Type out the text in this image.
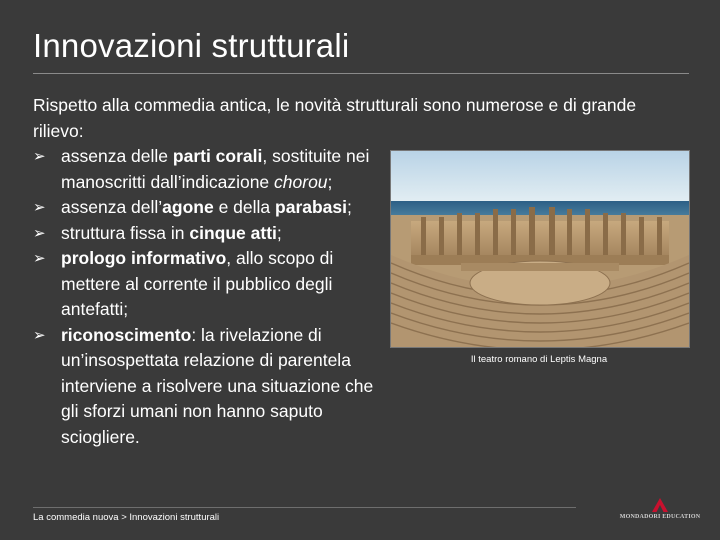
Innovazioni strutturali

Rispetto alla commedia antica, le novità strutturali sono numerose e di grande rilievo:

➢ assenza delle parti corali, sostituite nei manoscritti dall’indicazione chorou;
➢ assenza dell’agone e della parabasi;
➢ struttura fissa in cinque atti;
➢ prologo informativo, allo scopo di mettere al corrente il pubblico degli antefatti;
➢ riconoscimento: la rivelazione di un’insospettata relazione di parentela interviene a risolvere una situazione che gli sforzi umani non hanno saputo sciogliere.
Il teatro romano di Leptis Magna
La commedia nuova > Innovazioni strutturali	MONDADORI EDUCATION
